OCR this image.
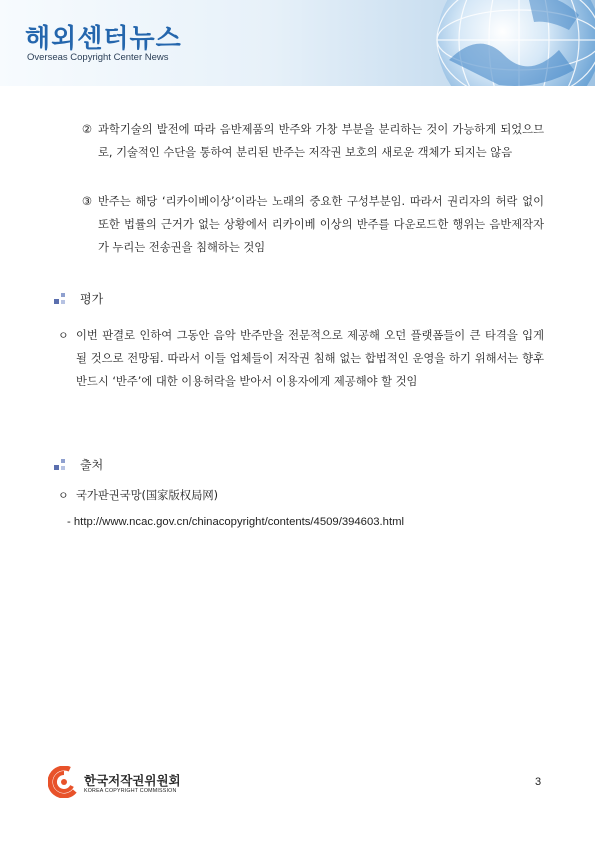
해외센터뉴스
Overseas Copyright Center News
② 과학기술의 발전에 따라 음반제품의 반주와 가창 부분을 분리하는 것이 가능하게 되었으므로, 기술적인 수단을 통하여 분리된 반주는 저작권 보호의 새로운 객체가 되지는 않음
③ 반주는 해당 ‘리카이베이상’이라는 노래의 중요한 구성부분임. 따라서 권리자의 허락 없이 또한 법률의 근거가 없는 상황에서 리카이베 이상의 반주를 다운로드한 행위는 음반제작자가 누리는 전송권을 침해하는 것임
평가
ㅇ 이번 판결로 인하여 그동안 음악 반주만을 전문적으로 제공해 오던 플랫폼들이 큰 타격을 입게 될 것으로 전망됨. 따라서 이들 업체들이 저작권 침해 없는 합법적인 운영을 하기 위해서는 향후 반드시 ‘반주’에 대한 이용허락을 받아서 이용자에게 제공해야 할 것임
출처
ㅇ 국가판권국망(国家版权局网)
- http://www.ncac.gov.cn/chinacopyright/contents/4509/394603.html
한국저작권위원회
KOREA COPYRIGHT COMMISSION
3
